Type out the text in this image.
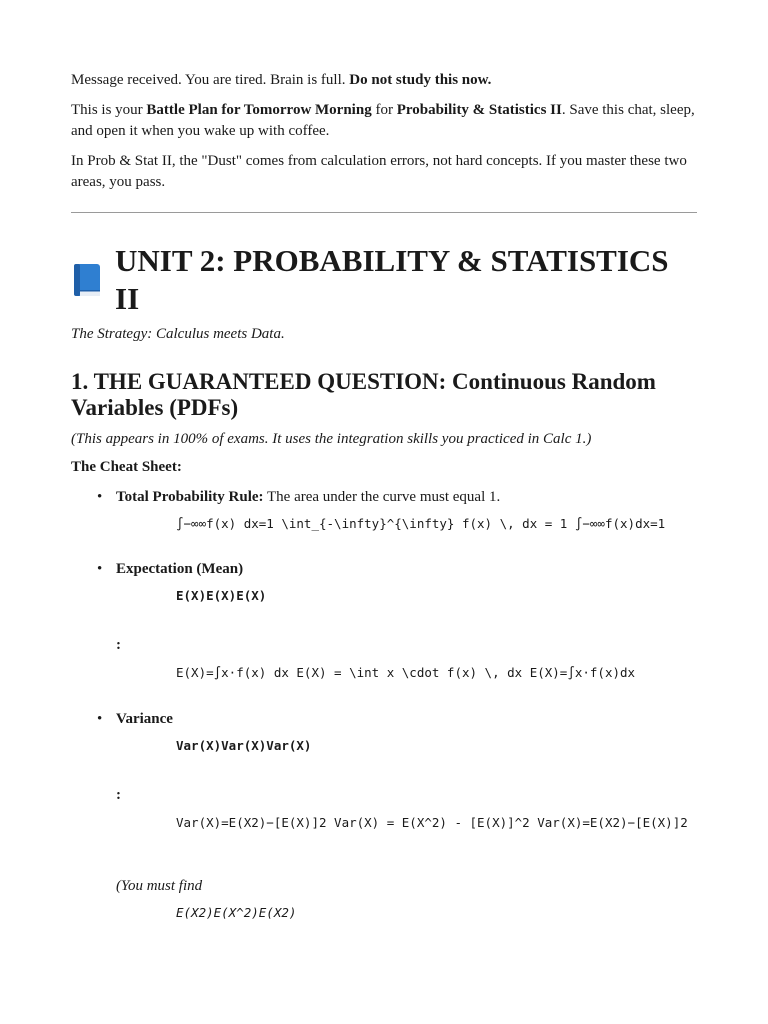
Message received. You are tired. Brain is full. Do not study this now.

This is your Battle Plan for Tomorrow Morning for Probability & Statistics II. Save this chat, sleep, and open it when you wake up with coffee.

In Prob & Stat II, the "Dust" comes from calculation errors, not hard concepts. If you master these two areas, you pass.

UNIT 2: PROBABILITY & STATISTICS II

The Strategy: Calculus meets Data.

1. THE GUARANTEED QUESTION: Continuous Random Variables (PDFs)

(This appears in 100% of exams. It uses the integration skills you practiced in Calc 1.)

The Cheat Sheet:

• Total Probability Rule: The area under the curve must equal 1.
∫−∞∞f(x) dx=1 \int_{-\infty}^{\infty} f(x) \, dx = 1 ∫−∞∞f(x)dx=1
• Expectation (Mean)
E(X)E(X)E(X)
:
E(X)=∫x⋅f(x) dx E(X) = \int x \cdot f(x) \, dx E(X)=∫x⋅f(x)dx
• Variance
Var(X)Var(X)Var(X)
:
Var(X)=E(X2)−[E(X)]2 Var(X) = E(X^2) - [E(X)]^2 Var(X)=E(X2)−[E(X)]2
(You must find
E(X2)E(X^2)E(X2)
